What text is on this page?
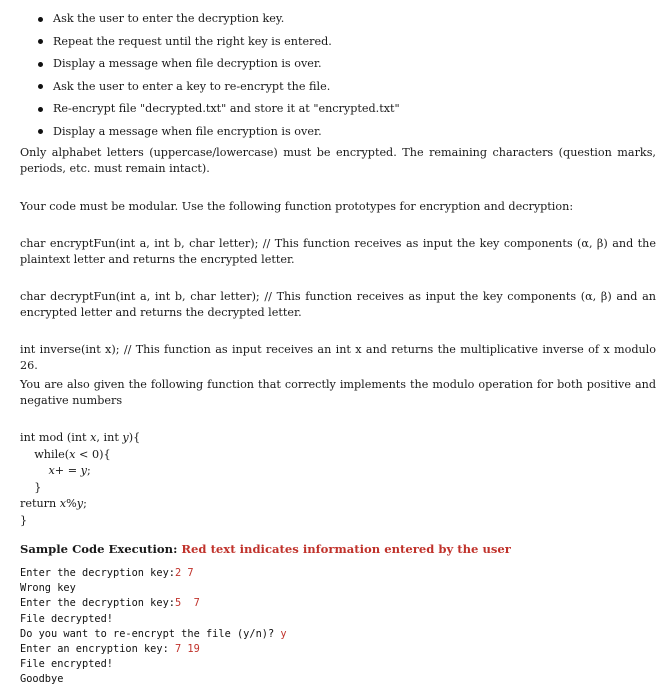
Ask the user to enter the decryption key.
Repeat the request until the right key is entered.
Display a message when file decryption is over.
Ask the user to enter a key to re-encrypt the file.
Re-encrypt file "decrypted.txt" and store it at "encrypted.txt"
Display a message when file encryption is over.

Only alphabet letters (uppercase/lowercase) must be encrypted. The remaining characters (question marks, periods, etc. must remain intact).

Your code must be modular. Use the following function prototypes for encryption and decryption:

char encryptFun(int a, int b, char letter); // This function receives as input the key components (α, β) and the plaintext letter and returns the encrypted letter.

char decryptFun(int a, int b, char letter); // This function receives as input the key components (α, β) and an encrypted letter and returns the decrypted letter.

int inverse(int x); // This function as input receives an int x and returns the multiplicative inverse of x modulo 26.

You are also given the following function that correctly implements the modulo operation for both positive and negative numbers

int mod (int x, int y){
while(x < 0){
x+ = y;
}
return x%y;
}
Sample Code Execution: Red text indicates information entered by the user
Enter the decryption key:2 7
Wrong key
Enter the decryption key:5  7
File decrypted!
Do you want to re-encrypt the file (y/n)? y
Enter an encryption key: 7 19
File encrypted!
Goodbye
